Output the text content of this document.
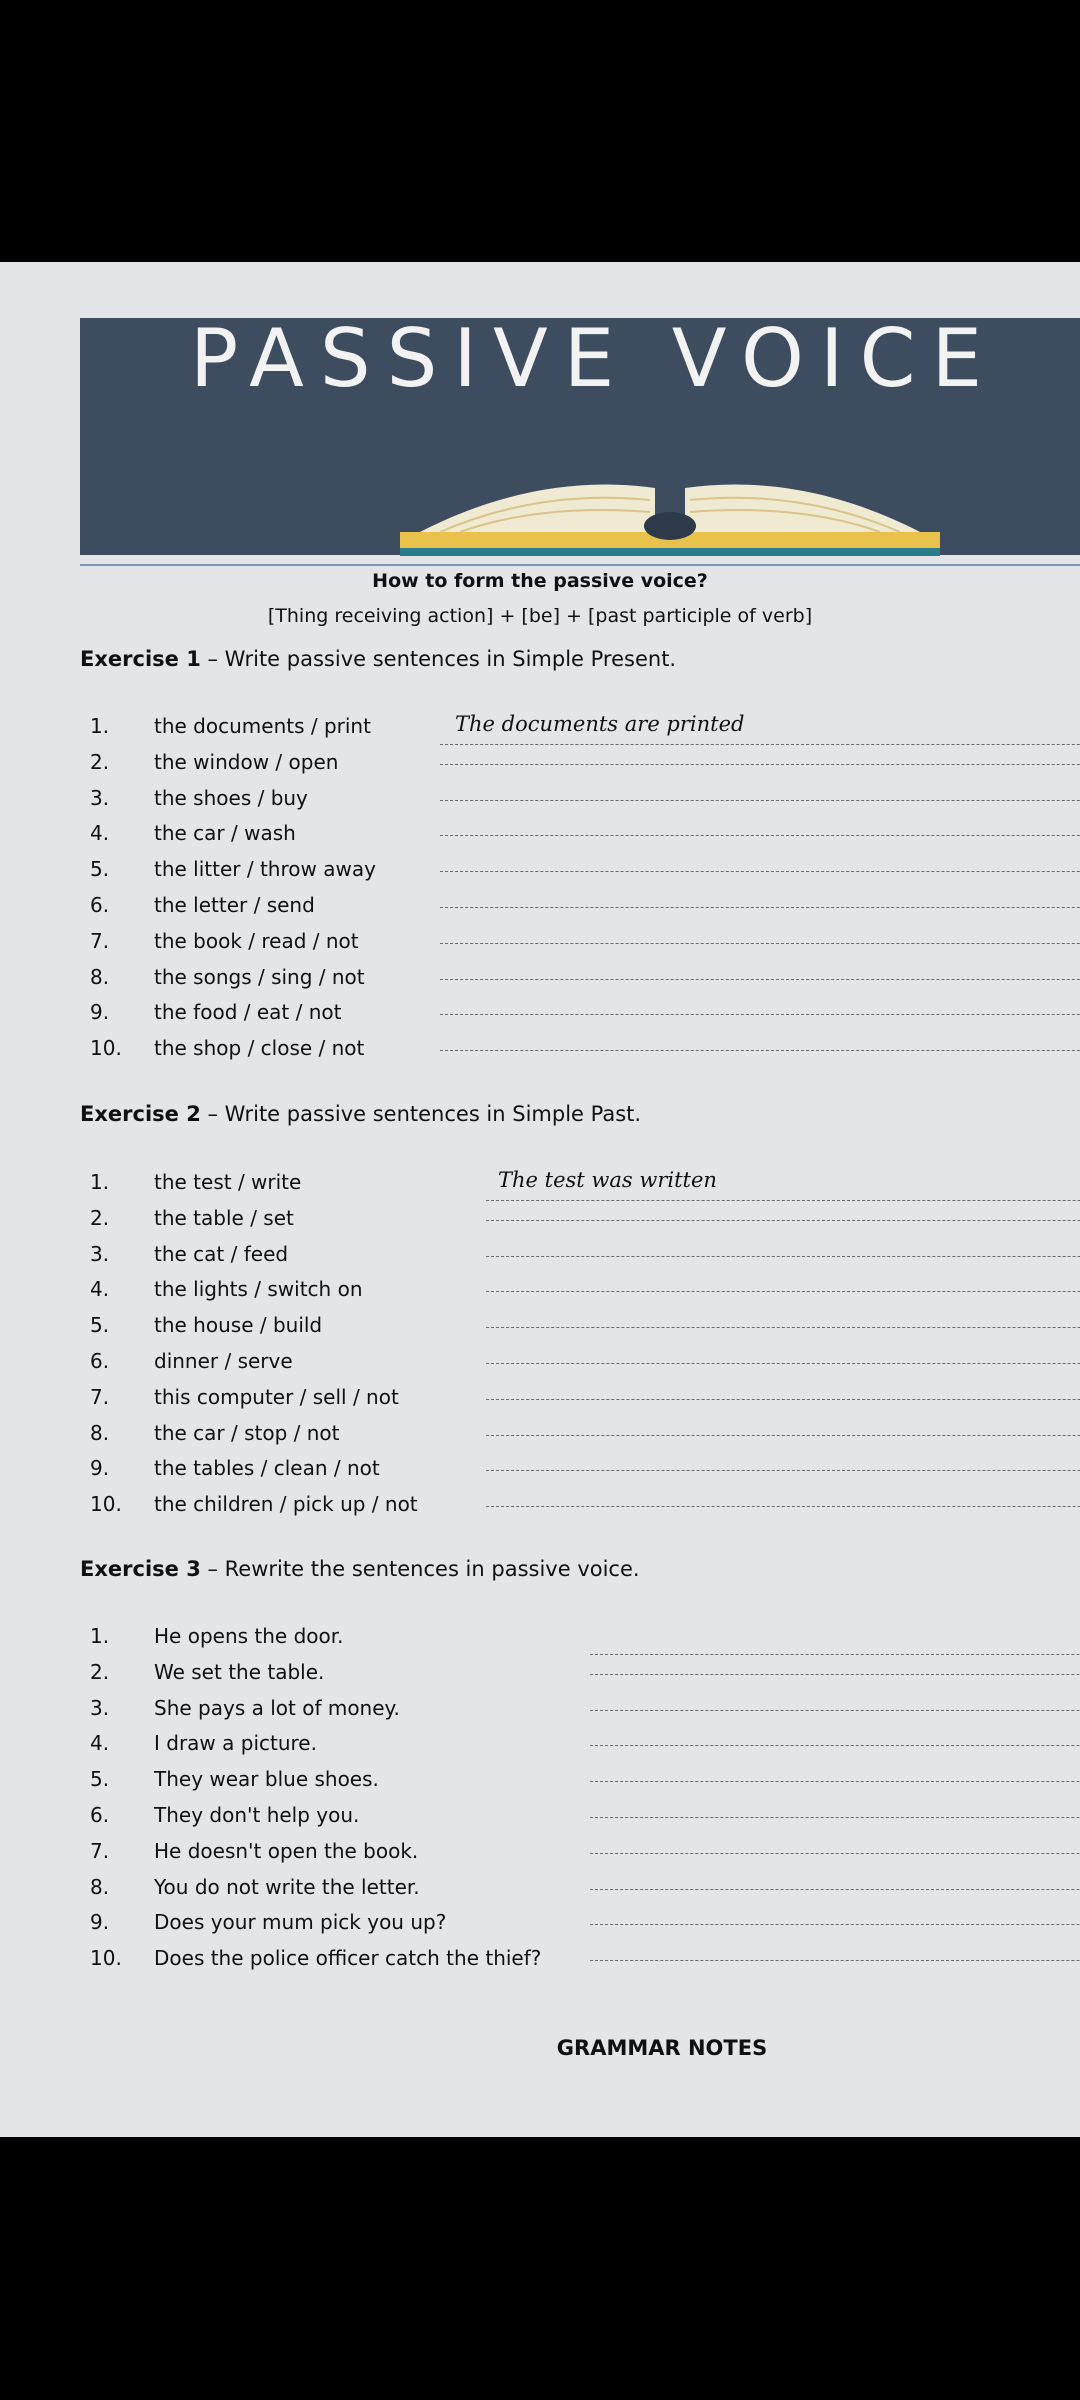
PASSIVE VOICE
How to form the passive voice?
[Thing receiving action] + [be] + [past participle of verb]
Exercise 1 – Write passive sentences in Simple Present.
1. the documents / print	The documents are printed
2. the window / open
3. the shoes / buy
4. the car / wash
5. the litter / throw away
6. the letter / send
7. the book / read / not
8. the songs / sing / not
9. the food / eat / not
10. the shop / close / not
Exercise 2 – Write passive sentences in Simple Past.
1. the test / write	The test was written
2. the table / set
3. the cat / feed
4. the lights / switch on
5. the house / build
6. dinner / serve
7. this computer / sell / not
8. the car / stop / not
9. the tables / clean / not
10. the children / pick up / not
Exercise 3 – Rewrite the sentences in passive voice.
1. He opens the door.
2. We set the table.
3. She pays a lot of money.
4. I draw a picture.
5. They wear blue shoes.
6. They don't help you.
7. He doesn't open the book.
8. You do not write the letter.
9. Does your mum pick you up?
10. Does the police officer catch the thief?
GRAMMAR NOTES
